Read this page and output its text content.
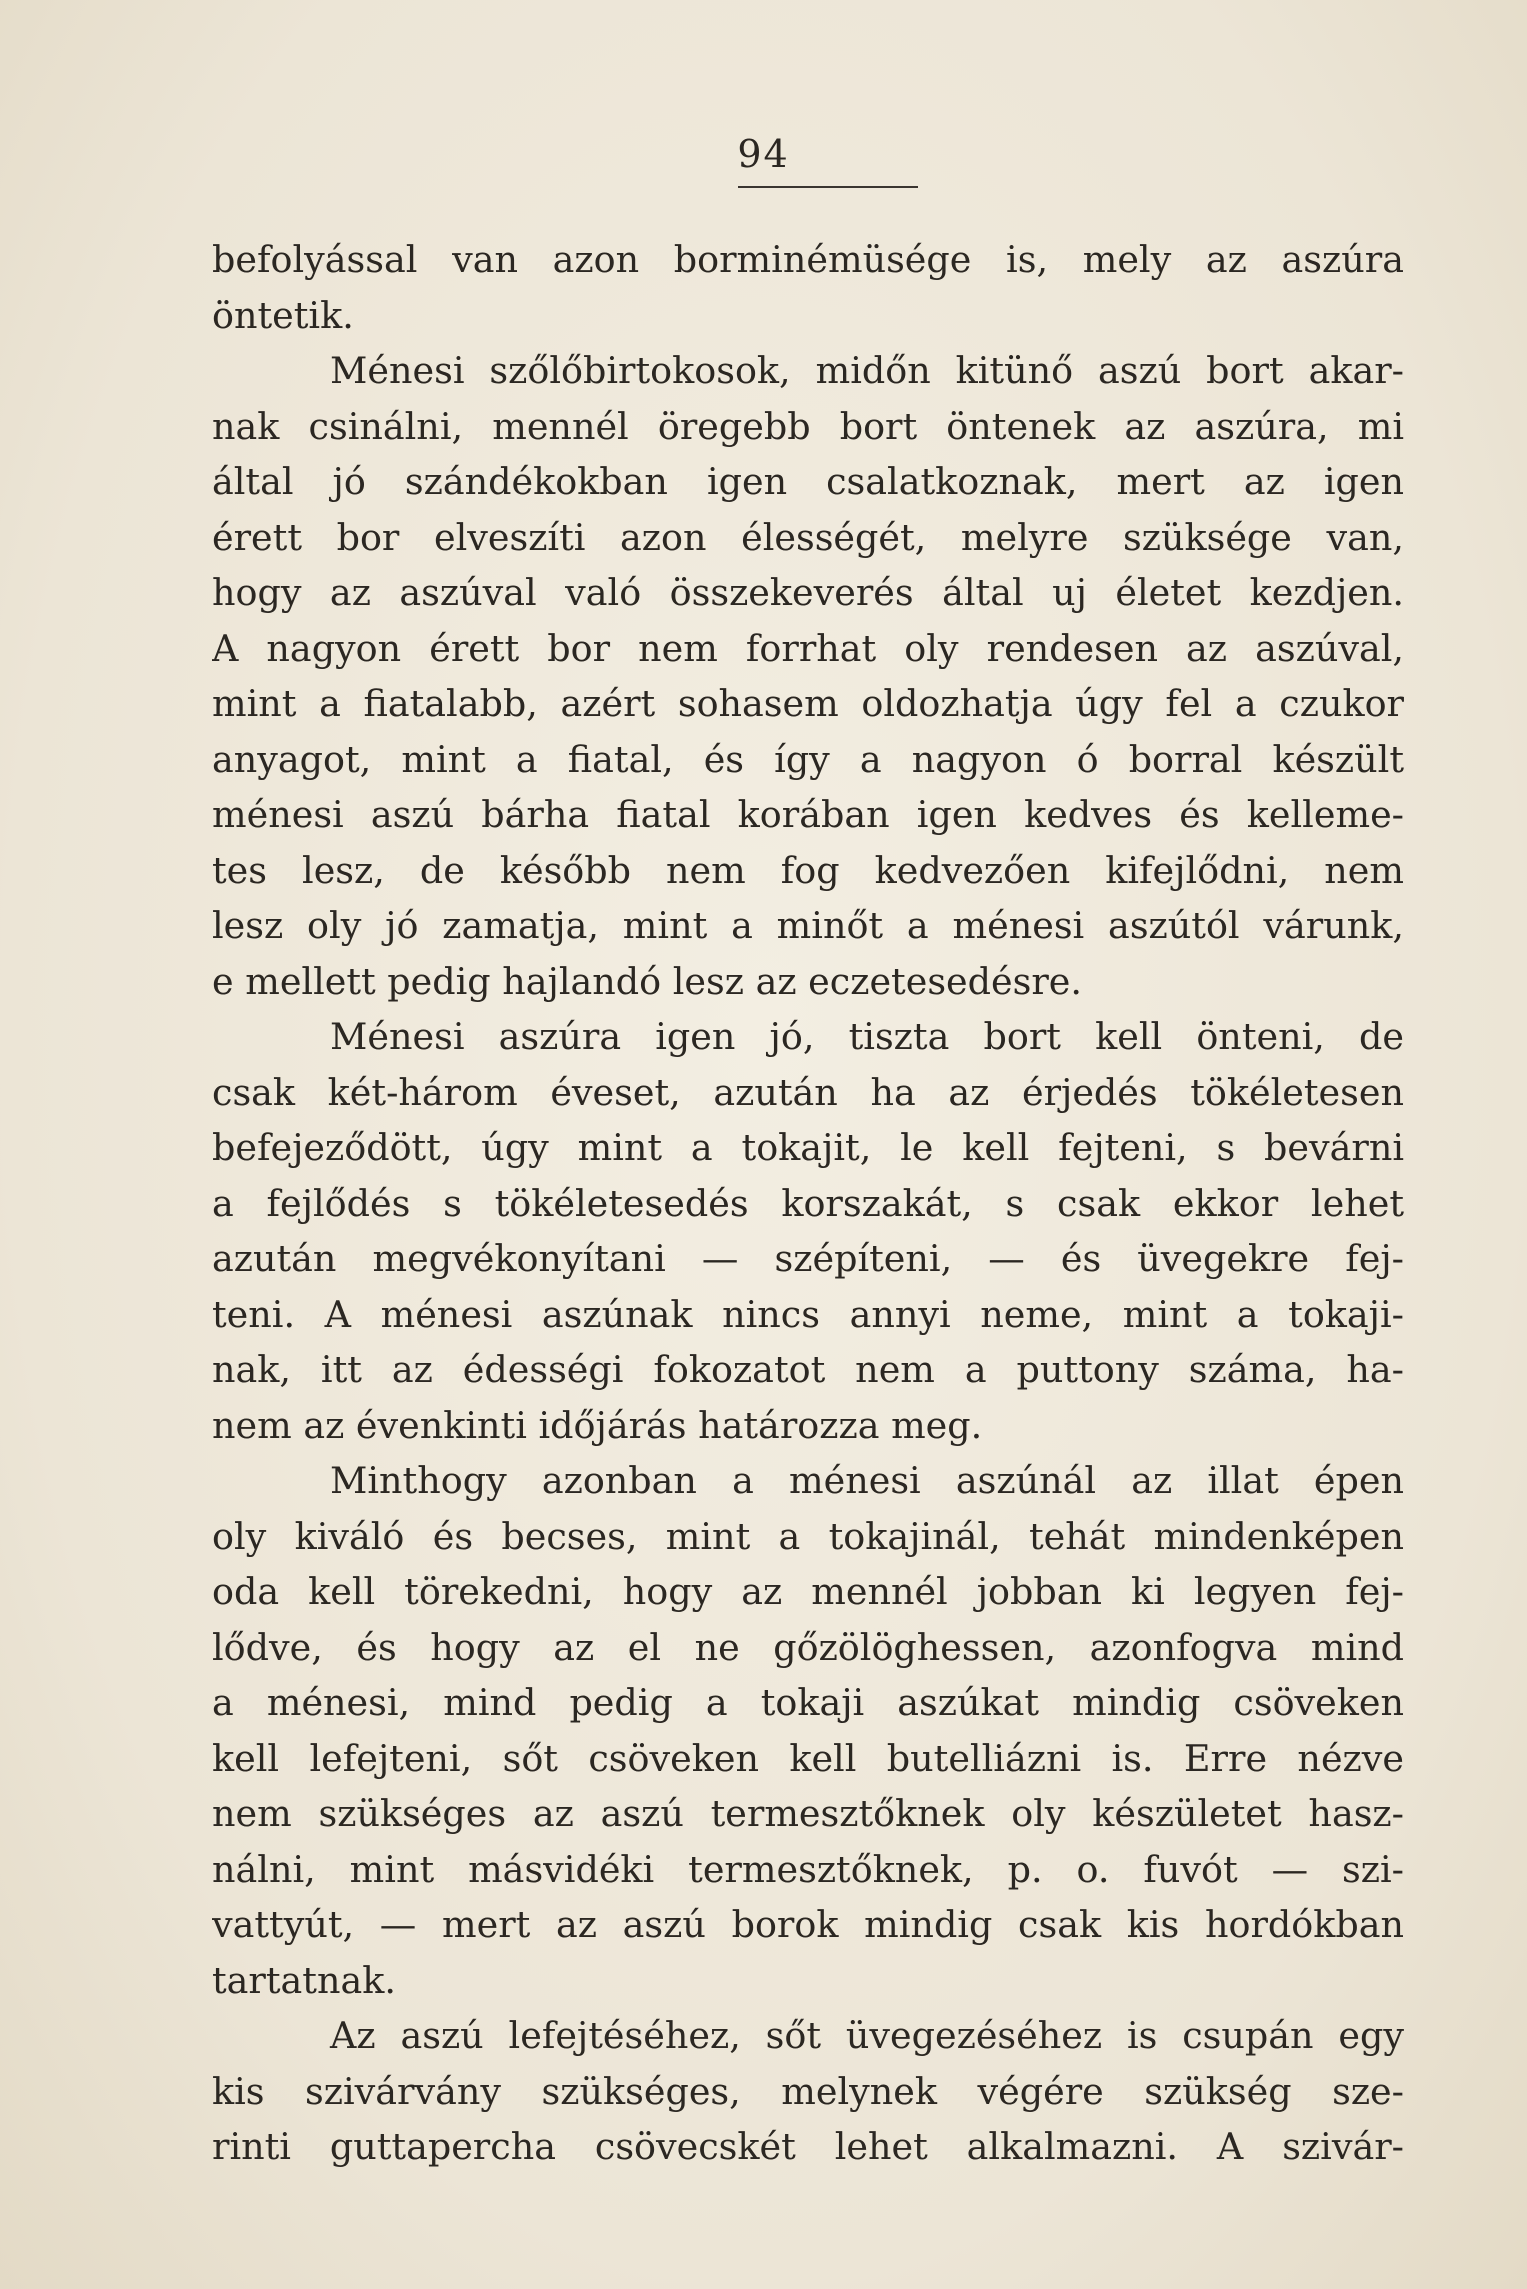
94
befolyással van azon borminémüsége is, mely az aszúra
öntetik.
Ménesi szőlőbirtokosok, midőn kitünő aszú bort akar-
nak csinálni, mennél öregebb bort öntenek az aszúra, mi
által jó szándékokban igen csalatkoznak, mert az igen
érett bor elveszíti azon élességét, melyre szüksége van,
hogy az aszúval való összekeverés által uj életet kezdjen.
A nagyon érett bor nem forrhat oly rendesen az aszúval,
mint a fiatalabb, azért sohasem oldozhatja úgy fel a czukor
anyagot, mint a fiatal, és így a nagyon ó borral készült
ménesi aszú bárha fiatal korában igen kedves és kelleme-
tes lesz, de később nem fog kedvezően kifejlődni, nem
lesz oly jó zamatja, mint a minőt a ménesi aszútól várunk,
e mellett pedig hajlandó lesz az eczetesedésre.
Ménesi aszúra igen jó, tiszta bort kell önteni, de
csak két-három éveset, azután ha az érjedés tökéletesen
befejeződött, úgy mint a tokajit, le kell fejteni, s bevárni
a fejlődés s tökéletesedés korszakát, s csak ekkor lehet
azután megvékonyítani — szépíteni, — és üvegekre fej-
teni. A ménesi aszúnak nincs annyi neme, mint a tokaji-
nak, itt az édességi fokozatot nem a puttony száma, ha-
nem az évenkinti időjárás határozza meg.
Minthogy azonban a ménesi aszúnál az illat épen
oly kiváló és becses, mint a tokajinál, tehát mindenképen
oda kell törekedni, hogy az mennél jobban ki legyen fej-
lődve, és hogy az el ne gőzölöghessen, azonfogva mind
a ménesi, mind pedig a tokaji aszúkat mindig csöveken
kell lefejteni, sőt csöveken kell butelliázni is. Erre nézve
nem szükséges az aszú termesztőknek oly készületet hasz-
nálni, mint másvidéki termesztőknek, p. o. fuvót — szi-
vattyút, — mert az aszú borok mindig csak kis hordókban
tartatnak.
Az aszú lefejtéséhez, sőt üvegezéséhez is csupán egy
kis szivárvány szükséges, melynek végére szükség sze-
rinti guttapercha csövecskét lehet alkalmazni. A szivár-
